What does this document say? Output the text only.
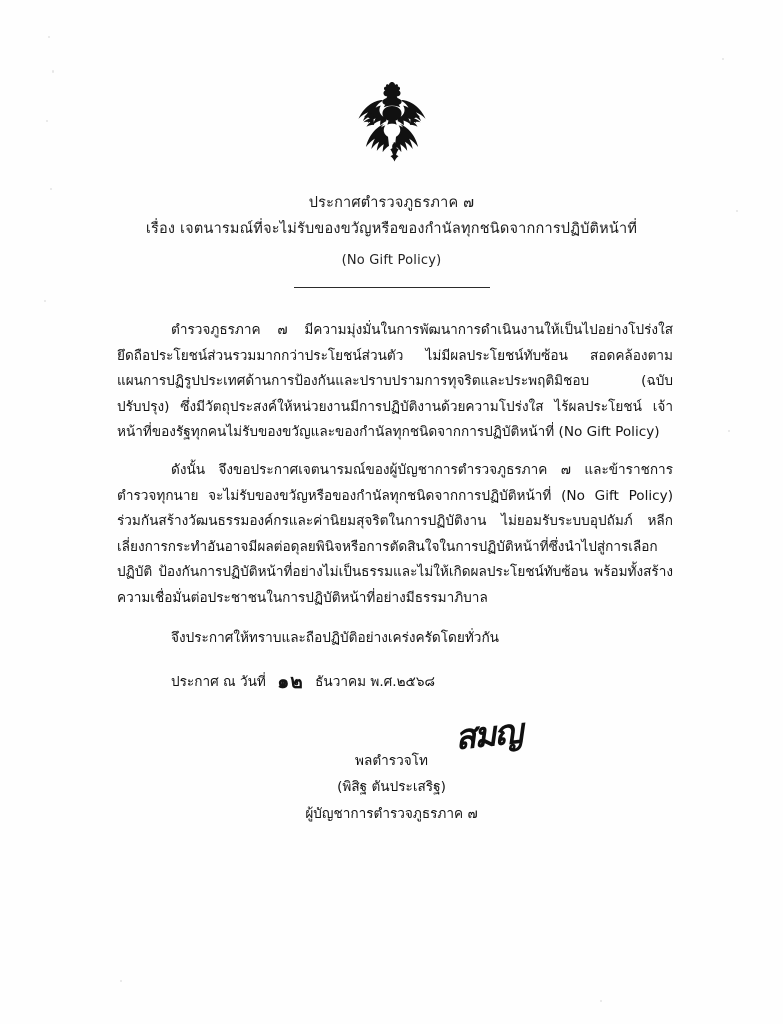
ประกาศตำรวจภูธรภาค ๗
เรื่อง เจตนารมณ์ที่จะไม่รับของขวัญหรือของกำนัลทุกชนิดจากการปฏิบัติหน้าที่
(No Gift Policy)

ตำรวจภูธรภาค ๗ มีความมุ่งมั่นในการพัฒนาการดำเนินงานให้เป็นไปอย่างโปร่งใส ยึดถือประโยชน์ส่วนรวมมากกว่าประโยชน์ส่วนตัว ไม่มีผลประโยชน์ทับซ้อน สอดคล้องตามแผนการปฏิรูปประเทศด้านการป้องกันและปราบปรามการทุจริตและประพฤติมิชอบ (ฉบับปรับปรุง) ซึ่งมีวัตถุประสงค์ให้หน่วยงานมีการปฏิบัติงานด้วยความโปร่งใส ไร้ผลประโยชน์ เจ้าหน้าที่ของรัฐทุกคนไม่รับของขวัญและของกำนัลทุกชนิดจากการปฏิบัติหน้าที่ (No Gift Policy)

ดังนั้น จึงขอประกาศเจตนารมณ์ของผู้บัญชาการตำรวจภูธรภาค ๗ และข้าราชการตำรวจทุกนาย จะไม่รับของขวัญหรือของกำนัลทุกชนิดจากการปฏิบัติหน้าที่ (No Gift Policy) ร่วมกันสร้างวัฒนธรรมองค์กรและค่านิยมสุจริตในการปฏิบัติงาน ไม่ยอมรับระบบอุปถัมภ์ หลีกเลี่ยงการกระทำอันอาจมีผลต่อดุลยพินิจหรือการตัดสินใจในการปฏิบัติหน้าที่ซึ่งนำไปสู่การเลือกปฏิบัติ ป้องกันการปฏิบัติหน้าที่อย่างไม่เป็นธรรมและไม่ให้เกิดผลประโยชน์ทับซ้อน พร้อมทั้งสร้างความเชื่อมั่นต่อประชาชนในการปฏิบัติหน้าที่อย่างมีธรรมาภิบาล

จึงประกาศให้ทราบและถือปฏิบัติอย่างเคร่งครัดโดยทั่วกัน
ประกาศ ณ วันที่ ๑๒ ธันวาคม พ.ศ.๒๕๖๘
สมญ
พลตำรวจโท
(พิสิฐ ตันประเสริฐ)
ผู้บัญชาการตำรวจภูธรภาค ๗
